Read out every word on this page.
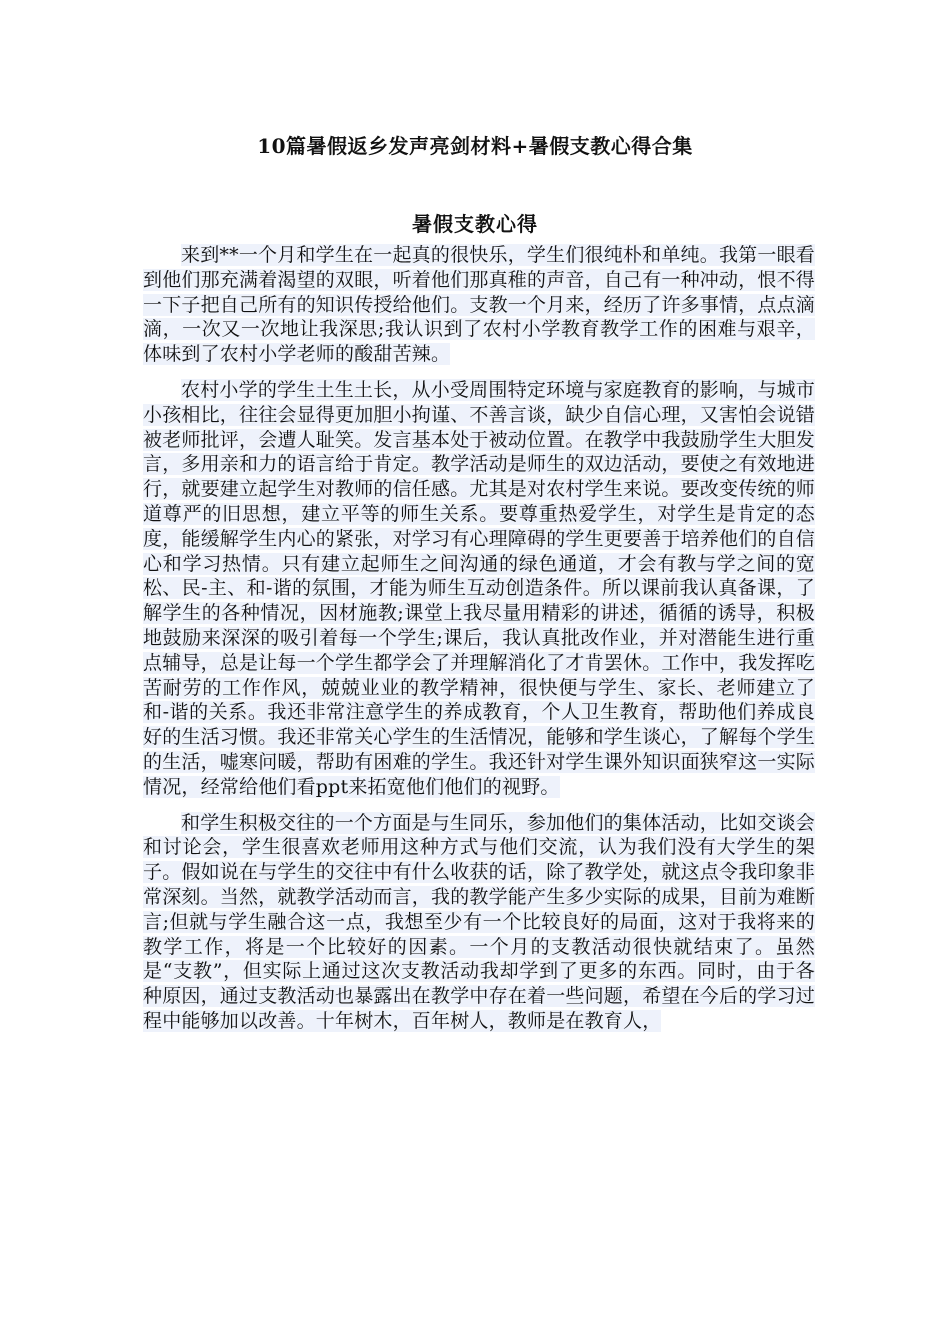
10篇暑假返乡发声亮剑材料+暑假支教心得合集
暑假支教心得

来到**一个月和学生在一起真的很快乐，学生们很纯朴和单纯。我第一眼看到他们那充满着渴望的双眼，听着他们那真稚的声音，自己有一种冲动，恨不得一下子把自己所有的知识传授给他们。支教一个月来，经历了许多事情，点点滴滴，一次又一次地让我深思;我认识到了农村小学教育教学工作的困难与艰辛，体味到了农村小学老师的酸甜苦辣。

农村小学的学生土生土长，从小受周围特定环境与家庭教育的影响，与城市小孩相比，往往会显得更加胆小拘谨、不善言谈，缺少自信心理，又害怕会说错被老师批评，会遭人耻笑。发言基本处于被动位置。在教学中我鼓励学生大胆发言，多用亲和力的语言给于肯定。教学活动是师生的双边活动，要使之有效地进行，就要建立起学生对教师的信任感。尤其是对农村学生来说。要改变传统的师道尊严的旧思想，建立平等的师生关系。要尊重热爱学生，对学生是肯定的态度，能缓解学生内心的紧张，对学习有心理障碍的学生更要善于培养他们的自信心和学习热情。只有建立起师生之间沟通的绿色通道，才会有教与学之间的宽松、民-主、和-谐的氛围，才能为师生互动创造条件。所以课前我认真备课，了解学生的各种情况，因材施教;课堂上我尽量用精彩的讲述，循循的诱导，积极地鼓励来深深的吸引着每一个学生;课后，我认真批改作业，并对潜能生进行重点辅导，总是让每一个学生都学会了并理解消化了才肯罢休。工作中，我发挥吃苦耐劳的工作作风，兢兢业业的教学精神，很快便与学生、家长、老师建立了和-谐的关系。我还非常注意学生的养成教育，个人卫生教育，帮助他们养成良好的生活习惯。我还非常关心学生的生活情况，能够和学生谈心，了解每个学生的生活，嘘寒问暖，帮助有困难的学生。我还针对学生课外知识面狭窄这一实际情况，经常给他们看ppt来拓宽他们他们的视野。

和学生积极交往的一个方面是与生同乐，参加他们的集体活动，比如交谈会和讨论会，学生很喜欢老师用这种方式与他们交流，认为我们没有大学生的架子。假如说在与学生的交往中有什么收获的话，除了教学处，就这点令我印象非常深刻。当然，就教学活动而言，我的教学能产生多少实际的成果，目前为难断言;但就与学生融合这一点，我想至少有一个比较良好的局面，这对于我将来的教学工作，将是一个比较好的因素。一个月的支教活动很快就结束了。虽然是“支教”，但实际上通过这次支教活动我却学到了更多的东西。同时，由于各种原因，通过支教活动也暴露出在教学中存在着一些问题，希望在今后的学习过程中能够加以改善。十年树木，百年树人，教师是在教育人，
